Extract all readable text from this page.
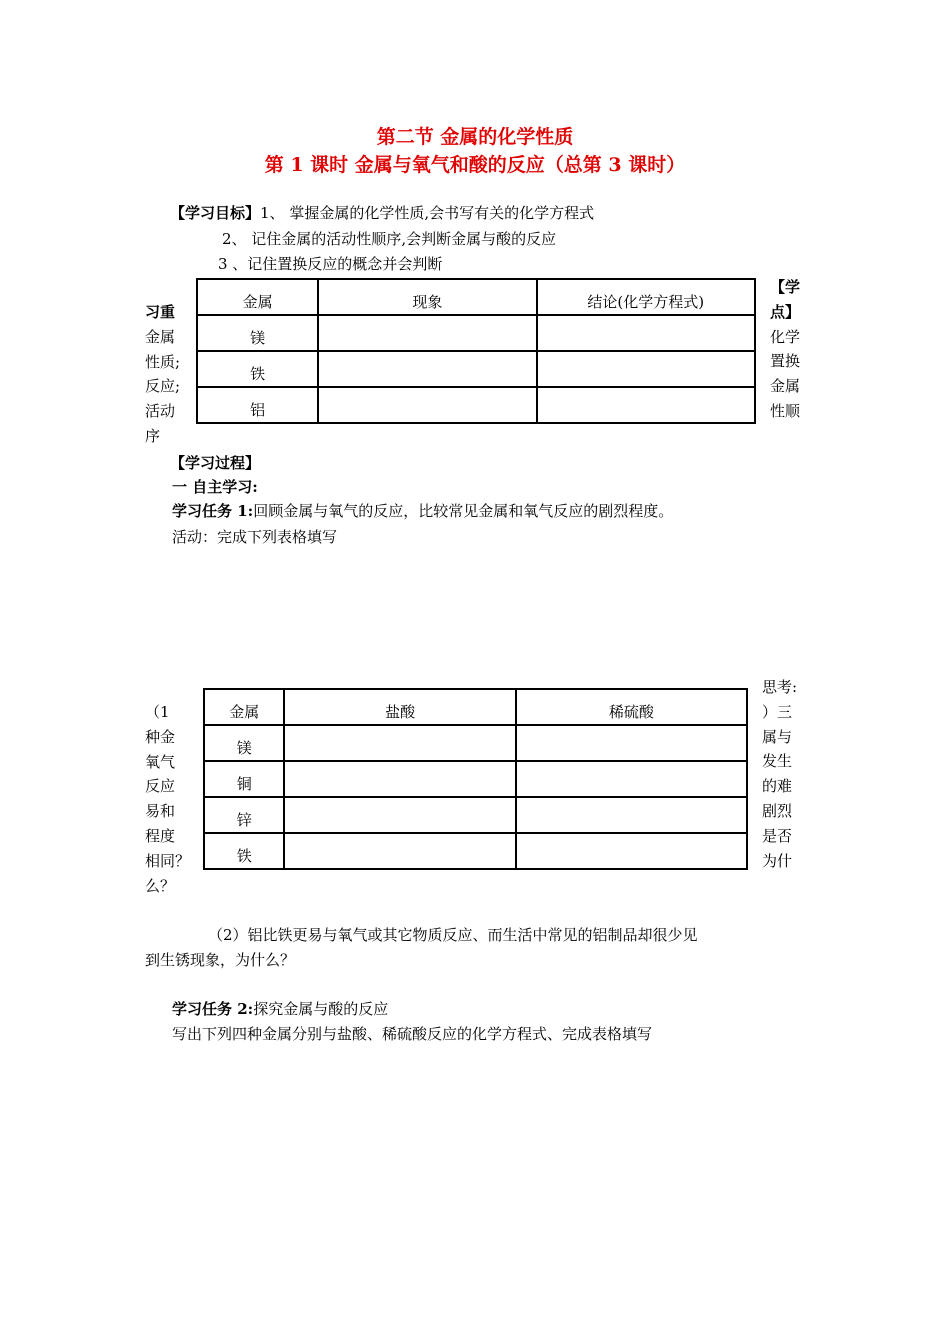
第二节 金属的化学性质
第 1 课时 金属与氧气和酸的反应（总第 3 课时）
【学习目标】1、 掌握金属的化学性质,会书写有关的化学方程式
2、 记住金属的活动性顺序,会判断金属与酸的反应
3 、记住置换反应的概念并会判断
习重
金属
性质;
反应;
活动
序
【学
点】
化学
置换
金属
性顺
金属	现象	结论(化学方程式)
镁		
铁		
铝		
【学习过程】
一 自主学习:
学习任务 1:回顾金属与氧气的反应，比较常见金属和氧气反应的剧烈程度。
活动：完成下列表格填写
（1
种金
氧气
反应
易和
程度
相同？
么？
思考:
）三
属与
发生
的难
剧烈
是否
为什
金属	盐酸	稀硫酸
镁		
铜		
锌		
铁		
（2）铝比铁更易与氧气或其它物质反应、而生活中常见的铝制品却很少见
到生锈现象，为什么？
学习任务 2:探究金属与酸的反应
写出下列四种金属分别与盐酸、稀硫酸反应的化学方程式、完成表格填写
